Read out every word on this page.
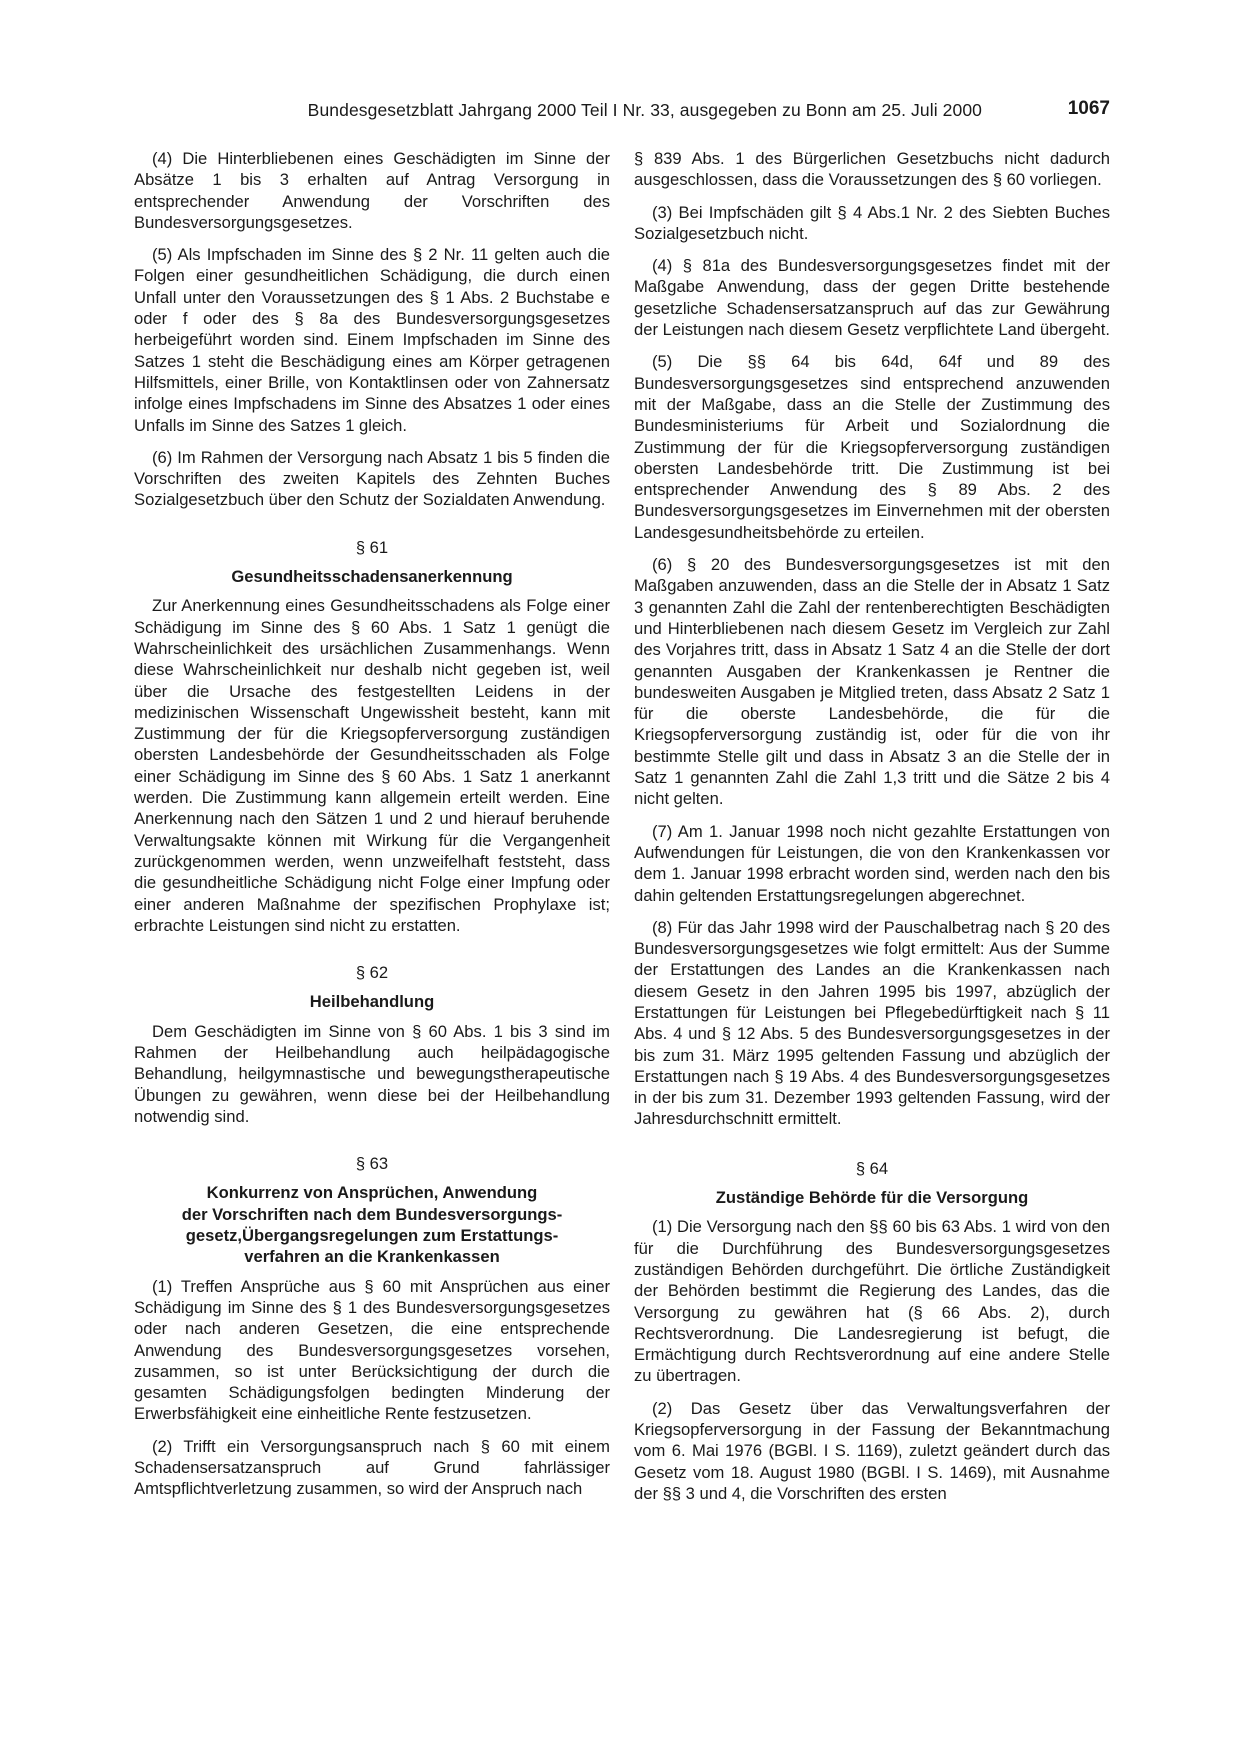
Bundesgesetzblatt Jahrgang 2000 Teil I Nr. 33, ausgegeben zu Bonn am 25. Juli 2000	1067

(4) Die Hinterbliebenen eines Geschädigten im Sinne der Absätze 1 bis 3 erhalten auf Antrag Versorgung in entsprechender Anwendung der Vorschriften des Bundesversorgungsgesetzes.

(5) Als Impfschaden im Sinne des § 2 Nr. 11 gelten auch die Folgen einer gesundheitlichen Schädigung, die durch einen Unfall unter den Voraussetzungen des § 1 Abs. 2 Buchstabe e oder f oder des § 8a des Bundesversorgungsgesetzes herbeigeführt worden sind. Einem Impfschaden im Sinne des Satzes 1 steht die Beschädigung eines am Körper getragenen Hilfsmittels, einer Brille, von Kontaktlinsen oder von Zahnersatz infolge eines Impfschadens im Sinne des Absatzes 1 oder eines Unfalls im Sinne des Satzes 1 gleich.

(6) Im Rahmen der Versorgung nach Absatz 1 bis 5 finden die Vorschriften des zweiten Kapitels des Zehnten Buches Sozialgesetzbuch über den Schutz der Sozialdaten Anwendung.

§ 61
Gesundheitsschadensanerkennung

Zur Anerkennung eines Gesundheitsschadens als Folge einer Schädigung im Sinne des § 60 Abs. 1 Satz 1 genügt die Wahrscheinlichkeit des ursächlichen Zusammenhangs. Wenn diese Wahrscheinlichkeit nur deshalb nicht gegeben ist, weil über die Ursache des festgestellten Leidens in der medizinischen Wissenschaft Ungewissheit besteht, kann mit Zustimmung der für die Kriegsopferversorgung zuständigen obersten Landesbehörde der Gesundheitsschaden als Folge einer Schädigung im Sinne des § 60 Abs. 1 Satz 1 anerkannt werden. Die Zustimmung kann allgemein erteilt werden. Eine Anerkennung nach den Sätzen 1 und 2 und hierauf beruhende Verwaltungsakte können mit Wirkung für die Vergangenheit zurückgenommen werden, wenn unzweifelhaft feststeht, dass die gesundheitliche Schädigung nicht Folge einer Impfung oder einer anderen Maßnahme der spezifischen Prophylaxe ist; erbrachte Leistungen sind nicht zu erstatten.

§ 62
Heilbehandlung

Dem Geschädigten im Sinne von § 60 Abs. 1 bis 3 sind im Rahmen der Heilbehandlung auch heilpädagogische Behandlung, heilgymnastische und bewegungstherapeutische Übungen zu gewähren, wenn diese bei der Heilbehandlung notwendig sind.

§ 63
Konkurrenz von Ansprüchen, Anwendung
der Vorschriften nach dem Bundesversorgungs-
gesetz,Übergangsregelungen zum Erstattungs-
verfahren an die Krankenkassen

(1) Treffen Ansprüche aus § 60 mit Ansprüchen aus einer Schädigung im Sinne des § 1 des Bundesversorgungsgesetzes oder nach anderen Gesetzen, die eine entsprechende Anwendung des Bundesversorgungsgesetzes vorsehen, zusammen, so ist unter Berücksichtigung der durch die gesamten Schädigungsfolgen bedingten Minderung der Erwerbsfähigkeit eine einheitliche Rente festzusetzen.

(2) Trifft ein Versorgungsanspruch nach § 60 mit einem Schadensersatzanspruch auf Grund fahrlässiger Amtspflichtverletzung zusammen, so wird der Anspruch nach

§ 839 Abs. 1 des Bürgerlichen Gesetzbuchs nicht dadurch ausgeschlossen, dass die Voraussetzungen des § 60 vorliegen.

(3) Bei Impfschäden gilt § 4 Abs.1 Nr. 2 des Siebten Buches Sozialgesetzbuch nicht.

(4) § 81a des Bundesversorgungsgesetzes findet mit der Maßgabe Anwendung, dass der gegen Dritte bestehende gesetzliche Schadensersatzanspruch auf das zur Gewährung der Leistungen nach diesem Gesetz verpflichtete Land übergeht.

(5) Die §§ 64 bis 64d, 64f und 89 des Bundesversorgungsgesetzes sind entsprechend anzuwenden mit der Maßgabe, dass an die Stelle der Zustimmung des Bundesministeriums für Arbeit und Sozialordnung die Zustimmung der für die Kriegsopferversorgung zuständigen obersten Landesbehörde tritt. Die Zustimmung ist bei entsprechender Anwendung des § 89 Abs. 2 des Bundesversorgungsgesetzes im Einvernehmen mit der obersten Landesgesundheitsbehörde zu erteilen.

(6) § 20 des Bundesversorgungsgesetzes ist mit den Maßgaben anzuwenden, dass an die Stelle der in Absatz 1 Satz 3 genannten Zahl die Zahl der rentenberechtigten Beschädigten und Hinterbliebenen nach diesem Gesetz im Vergleich zur Zahl des Vorjahres tritt, dass in Absatz 1 Satz 4 an die Stelle der dort genannten Ausgaben der Krankenkassen je Rentner die bundesweiten Ausgaben je Mitglied treten, dass Absatz 2 Satz 1 für die oberste Landesbehörde, die für die Kriegsopferversorgung zuständig ist, oder für die von ihr bestimmte Stelle gilt und dass in Absatz 3 an die Stelle der in Satz 1 genannten Zahl die Zahl 1,3 tritt und die Sätze 2 bis 4 nicht gelten.

(7) Am 1. Januar 1998 noch nicht gezahlte Erstattungen von Aufwendungen für Leistungen, die von den Krankenkassen vor dem 1. Januar 1998 erbracht worden sind, werden nach den bis dahin geltenden Erstattungsregelungen abgerechnet.

(8) Für das Jahr 1998 wird der Pauschalbetrag nach § 20 des Bundesversorgungsgesetzes wie folgt ermittelt: Aus der Summe der Erstattungen des Landes an die Krankenkassen nach diesem Gesetz in den Jahren 1995 bis 1997, abzüglich der Erstattungen für Leistungen bei Pflegebedürftigkeit nach § 11 Abs. 4 und § 12 Abs. 5 des Bundesversorgungsgesetzes in der bis zum 31. März 1995 geltenden Fassung und abzüglich der Erstattungen nach § 19 Abs. 4 des Bundesversorgungsgesetzes in der bis zum 31. Dezember 1993 geltenden Fassung, wird der Jahresdurchschnitt ermittelt.

§ 64
Zuständige Behörde für die Versorgung

(1) Die Versorgung nach den §§ 60 bis 63 Abs. 1 wird von den für die Durchführung des Bundesversorgungsgesetzes zuständigen Behörden durchgeführt. Die örtliche Zuständigkeit der Behörden bestimmt die Regierung des Landes, das die Versorgung zu gewähren hat (§ 66 Abs. 2), durch Rechtsverordnung. Die Landesregierung ist befugt, die Ermächtigung durch Rechtsverordnung auf eine andere Stelle zu übertragen.

(2) Das Gesetz über das Verwaltungsverfahren der Kriegsopferversorgung in der Fassung der Bekanntmachung vom 6. Mai 1976 (BGBl. I S. 1169), zuletzt geändert durch das Gesetz vom 18. August 1980 (BGBl. I S. 1469), mit Ausnahme der §§ 3 und 4, die Vorschriften des ersten
